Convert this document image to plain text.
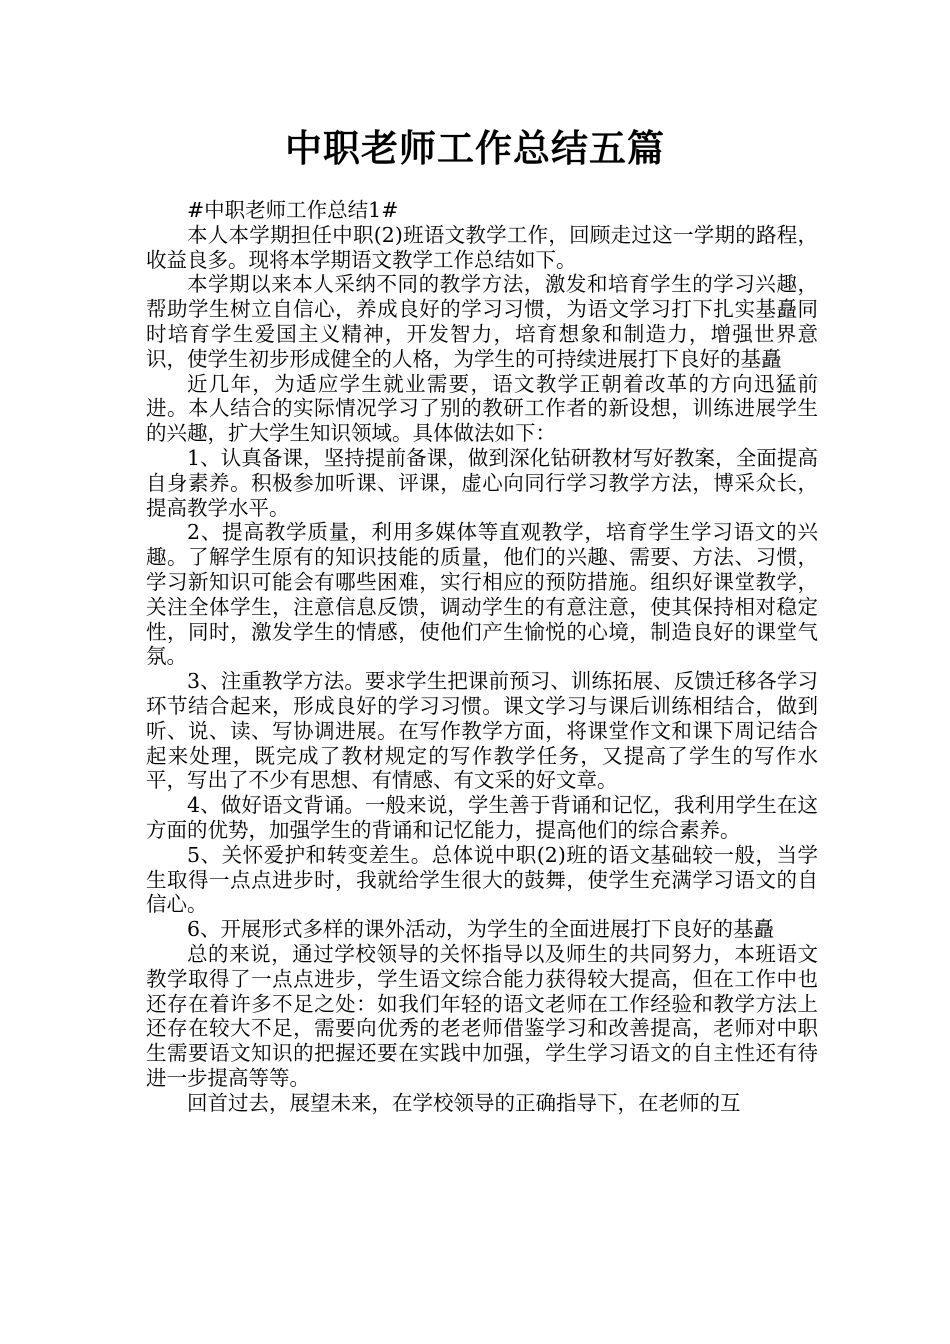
中职老师工作总结五篇

#中职老师工作总结1#

本人本学期担任中职(2)班语文教学工作，回顾走过这一学期的路程，收益良多。现将本学期语文教学工作总结如下。

本学期以来本人采纳不同的教学方法，激发和培育学生的学习兴趣，帮助学生树立自信心，养成良好的学习习惯，为语文学习打下扎实基矗同时培育学生爱国主义精神，开发智力，培育想象和制造力，增强世界意识，使学生初步形成健全的人格，为学生的可持续进展打下良好的基矗

近几年，为适应学生就业需要，语文教学正朝着改革的方向迅猛前进。本人结合的实际情况学习了别的教研工作者的新设想，训练进展学生的兴趣，扩大学生知识领域。具体做法如下：

1、认真备课，坚持提前备课，做到深化钻研教材写好教案，全面提高自身素养。积极参加听课、评课，虚心向同行学习教学方法，博采众长，提高教学水平。

2、提高教学质量，利用多媒体等直观教学，培育学生学习语文的兴趣。了解学生原有的知识技能的质量，他们的兴趣、需要、方法、习惯，学习新知识可能会有哪些困难，实行相应的预防措施。组织好课堂教学，关注全体学生，注意信息反馈，调动学生的有意注意，使其保持相对稳定性，同时，激发学生的情感，使他们产生愉悦的心境，制造良好的课堂气氛。

3、注重教学方法。要求学生把课前预习、训练拓展、反馈迁移各学习环节结合起来，形成良好的学习习惯。课文学习与课后训练相结合，做到听、说、读、写协调进展。在写作教学方面，将课堂作文和课下周记结合起来处理，既完成了教材规定的写作教学任务，又提高了学生的写作水平，写出了不少有思想、有情感、有文采的好文章。

4、做好语文背诵。一般来说，学生善于背诵和记忆，我利用学生在这方面的优势，加强学生的背诵和记忆能力，提高他们的综合素养。

5、关怀爱护和转变差生。总体说中职(2)班的语文基础较一般，当学生取得一点点进步时，我就给学生很大的鼓舞，使学生充满学习语文的自信心。

6、开展形式多样的课外活动，为学生的全面进展打下良好的基矗

总的来说，通过学校领导的关怀指导以及师生的共同努力，本班语文教学取得了一点点进步，学生语文综合能力获得较大提高，但在工作中也还存在着许多不足之处：如我们年轻的语文老师在工作经验和教学方法上还存在较大不足，需要向优秀的老老师借鉴学习和改善提高，老师对中职生需要语文知识的把握还要在实践中加强，学生学习语文的自主性还有待进一步提高等等。

回首过去，展望未来，在学校领导的正确指导下，在老师的互
